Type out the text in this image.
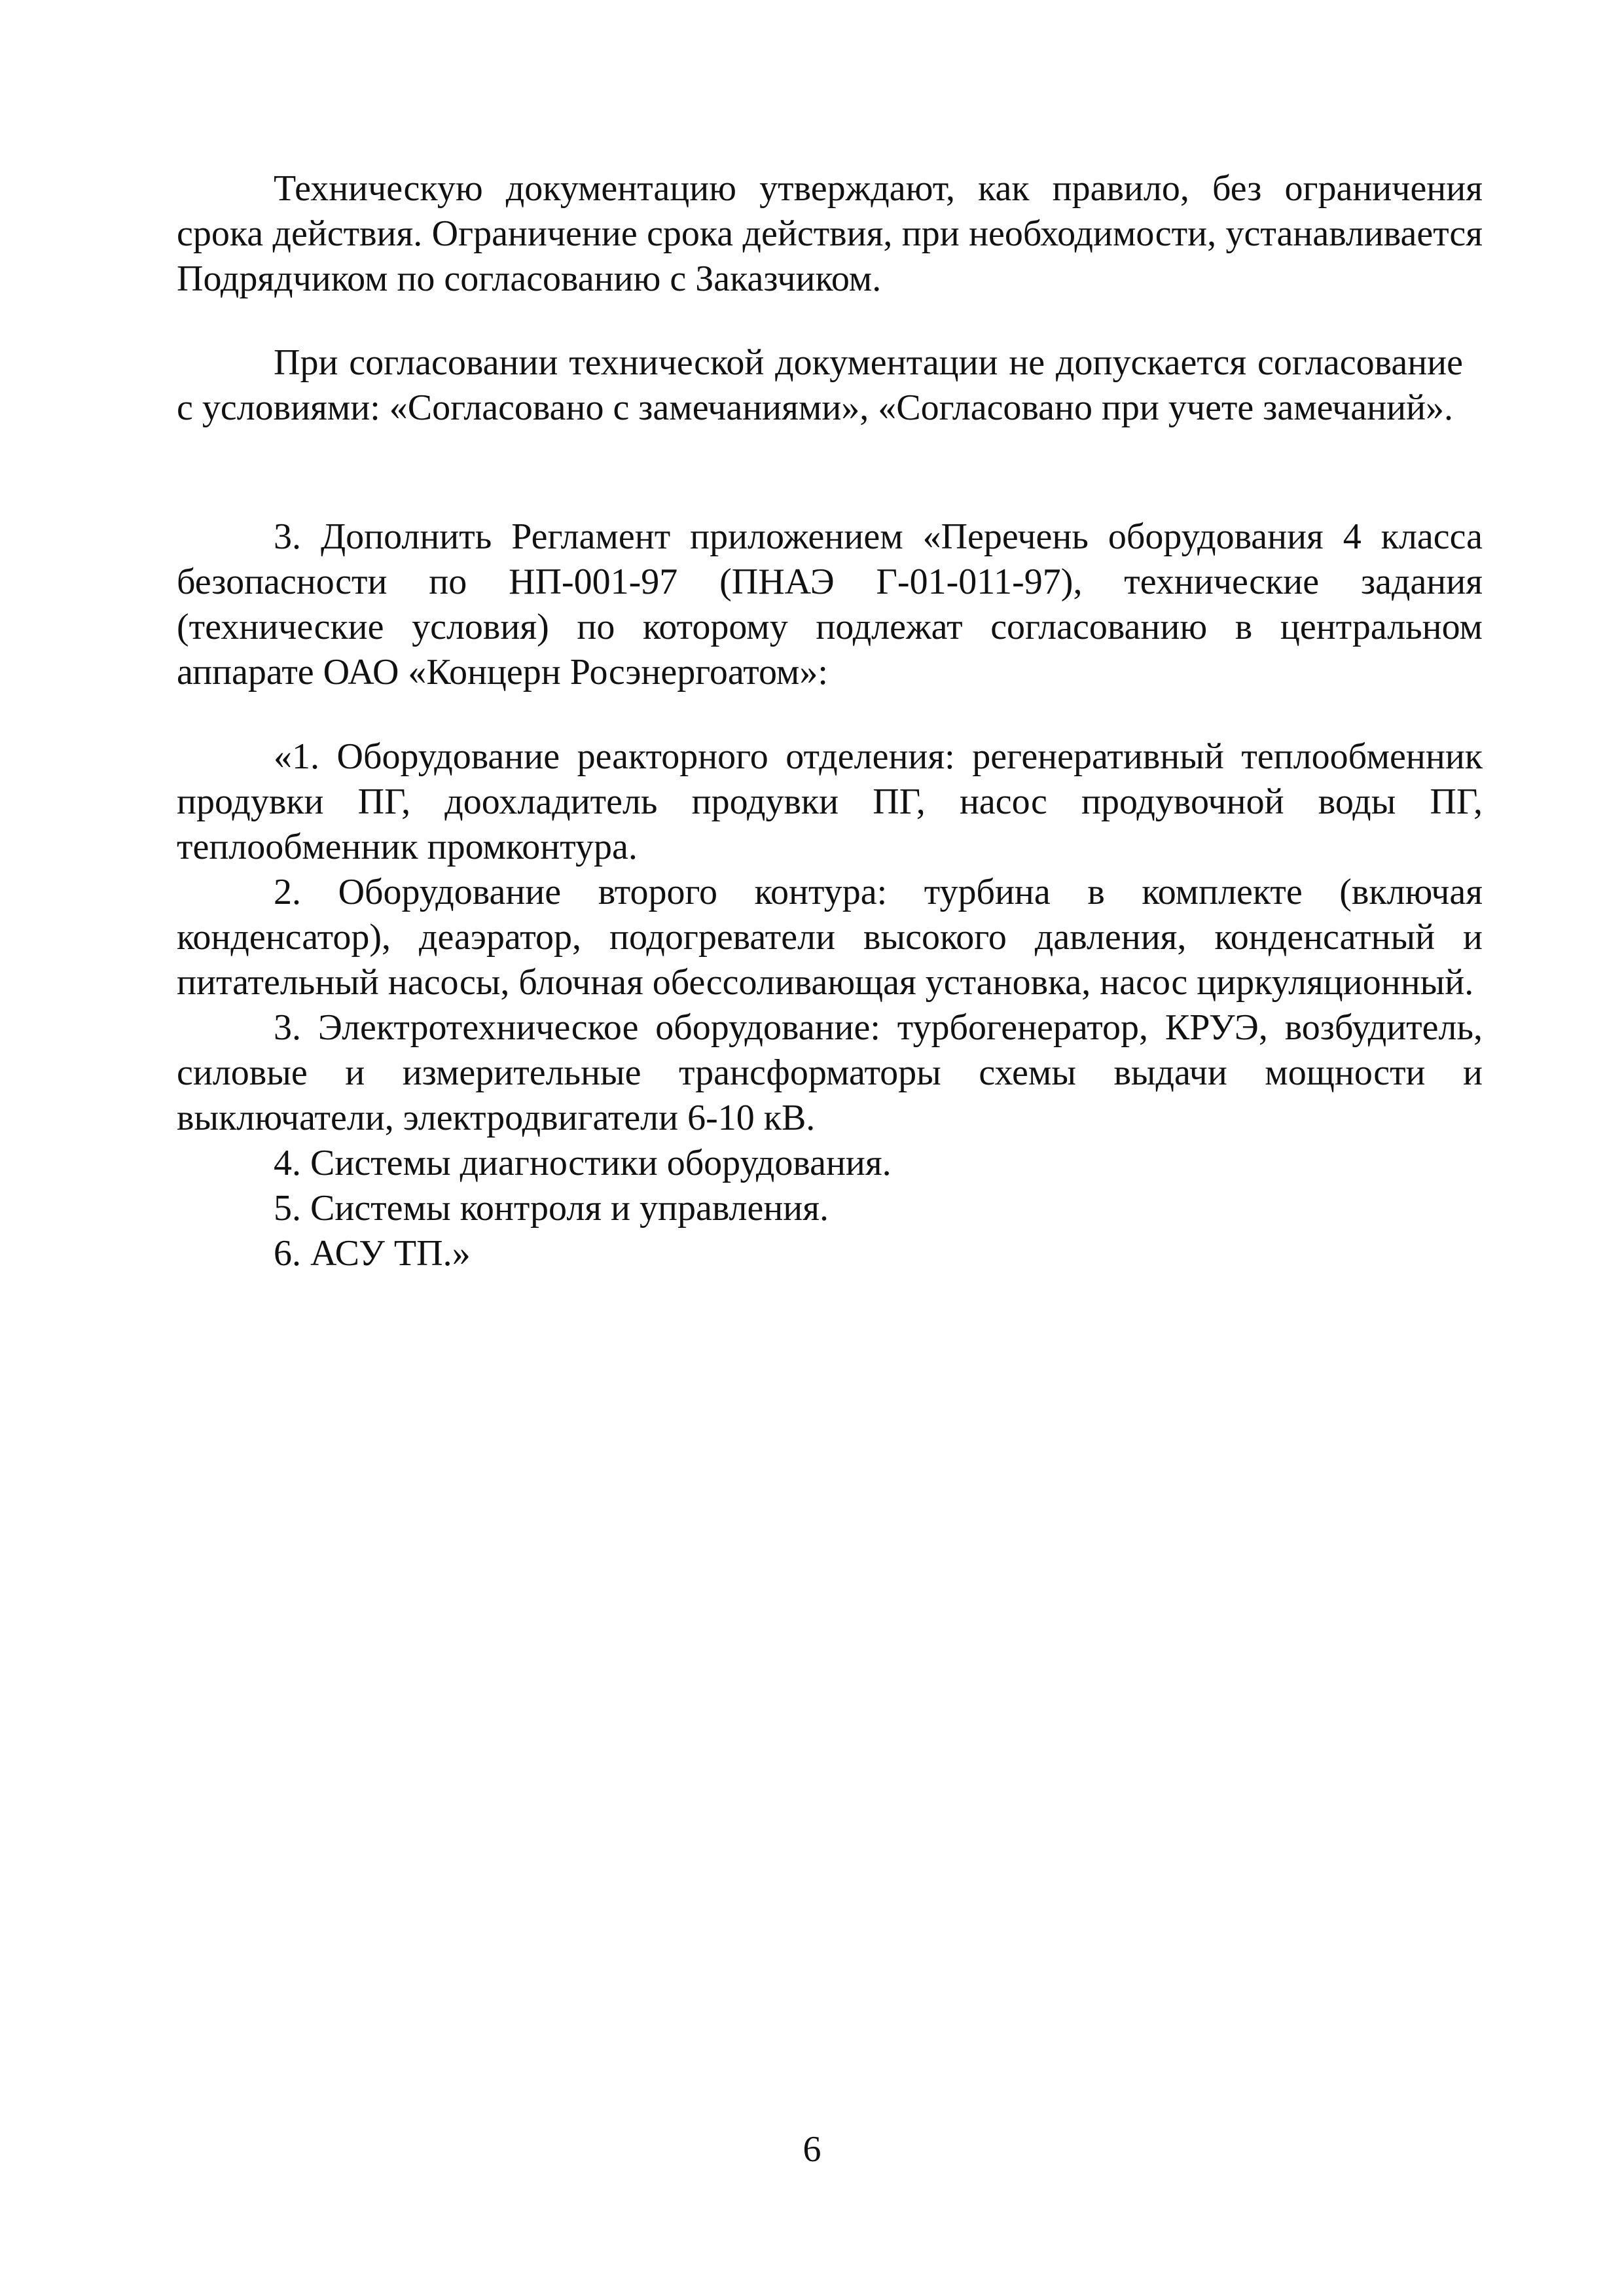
Техническую документацию утверждают, как правило, без ограничения срока действия. Ограничение срока действия, при необходимости, устанавливается Подрядчиком по согласованию с Заказчиком.

При согласовании технической документации не допускается согласование с условиями: «Согласовано с замечаниями», «Согласовано при учете замечаний».

3. Дополнить Регламент приложением «Перечень оборудования 4 класса безопасности по НП-001-97 (ПНАЭ Г-01-011-97), технические задания (технические условия) по которому подлежат согласованию в центральном аппарате ОАО «Концерн Росэнергоатом»:

«1. Оборудование реакторного отделения: регенеративный теплообменник продувки ПГ, доохладитель продувки ПГ, насос продувочной воды ПГ, теплообменник промконтура.

2. Оборудование второго контура: турбина в комплекте (включая конденсатор), деаэратор, подогреватели высокого давления, конденсатный и питательный насосы, блочная обессоливающая установка, насос циркуляционный.

3. Электротехническое оборудование: турбогенератор, КРУЭ, возбудитель, силовые и измерительные трансформаторы схемы выдачи мощности и выключатели, электродвигатели 6-10 кВ.

4. Системы диагностики оборудования.

5. Системы контроля и управления.

6. АСУ ТП.»

6
